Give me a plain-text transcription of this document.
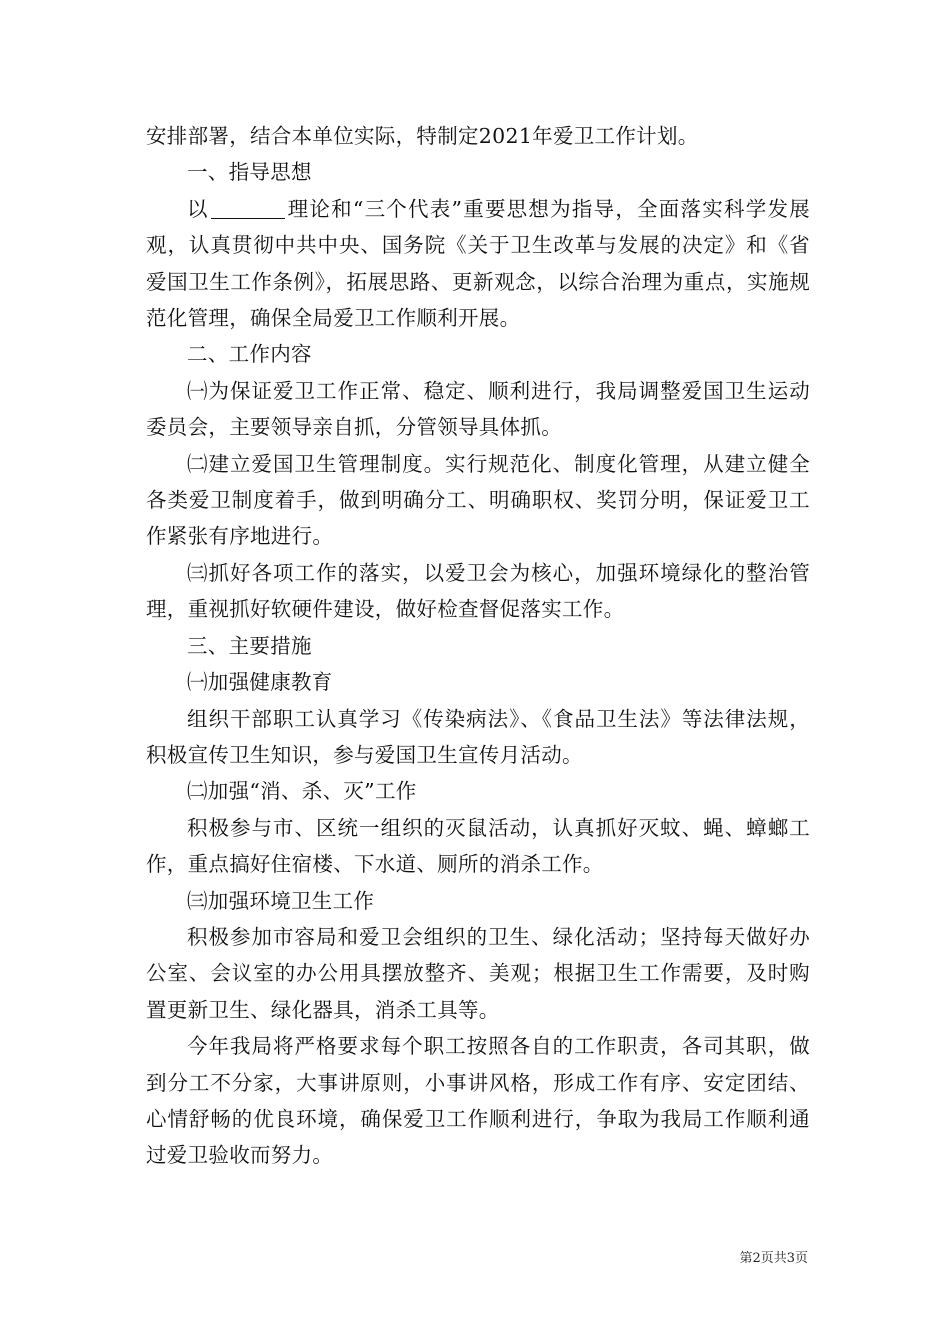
安排部署，结合本单位实际，特制定2021年爱卫工作计划。

一、指导思想

以	理论和“三个代表”重要思想为指导，全面落实科学发展观，认真贯彻中共中央、国务院《关于卫生改革与发展的决定》和《省爱国卫生工作条例》，拓展思路、更新观念，以综合治理为重点，实施规范化管理，确保全局爱卫工作顺利开展。

二、工作内容

㈠为保证爱卫工作正常、稳定、顺利进行，我局调整爱国卫生运动委员会，主要领导亲自抓，分管领导具体抓。

㈡建立爱国卫生管理制度。实行规范化、制度化管理，从建立健全各类爱卫制度着手，做到明确分工、明确职权、奖罚分明，保证爱卫工作紧张有序地进行。

㈢抓好各项工作的落实，以爱卫会为核心，加强环境绿化的整治管理，重视抓好软硬件建设，做好检查督促落实工作。

三、主要措施

㈠加强健康教育

组织干部职工认真学习《传染病法》、《食品卫生法》等法律法规，积极宣传卫生知识，参与爱国卫生宣传月活动。

㈡加强“消、杀、灭”工作

积极参与市、区统一组织的灭鼠活动，认真抓好灭蚊、蝇、蟑螂工作，重点搞好住宿楼、下水道、厕所的消杀工作。

㈢加强环境卫生工作

积极参加市容局和爱卫会组织的卫生、绿化活动；坚持每天做好办公室、会议室的办公用具摆放整齐、美观；根据卫生工作需要，及时购置更新卫生、绿化器具，消杀工具等。

今年我局将严格要求每个职工按照各自的工作职责，各司其职，做到分工不分家，大事讲原则，小事讲风格，形成工作有序、安定团结、心情舒畅的优良环境，确保爱卫工作顺利进行，争取为我局工作顺利通过爱卫验收而努力。

第2页共3页
